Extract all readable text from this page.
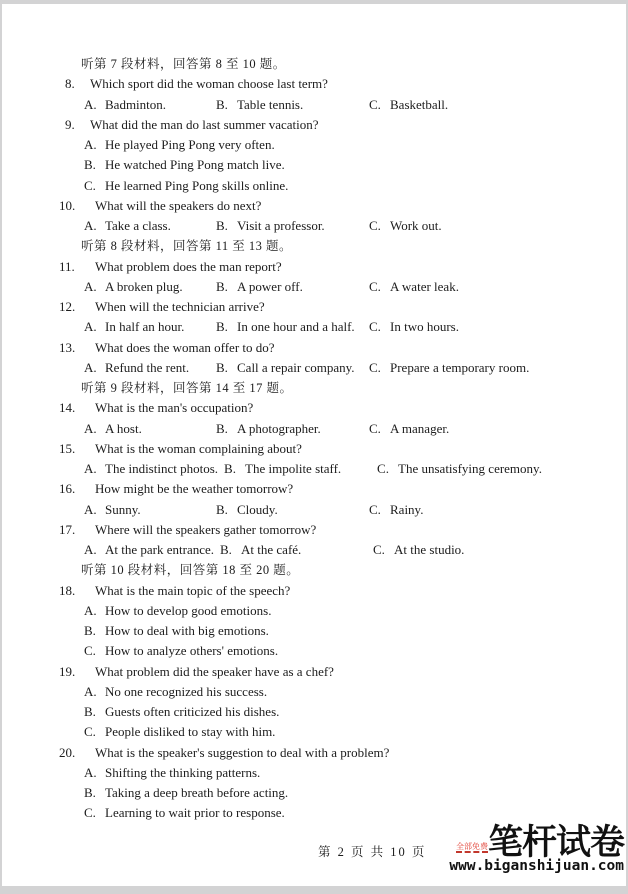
听第 7 段材料，回答第 8 至 10 题。
8. Which sport did the woman choose last term?
A. Badminton.	B. Table tennis.	C. Basketball.
9. What did the man do last summer vacation?
A. He played Ping Pong very often.
B. He watched Ping Pong match live.
C. He learned Ping Pong skills online.
10. What will the speakers do next?
A. Take a class.	B. Visit a professor.	C. Work out.
听第 8 段材料，回答第 11 至 13 题。
11. What problem does the man report?
A. A broken plug.	B. A power off.	C. A water leak.
12. When will the technician arrive?
A. In half an hour.	B. In one hour and a half.	C. In two hours.
13. What does the woman offer to do?
A. Refund the rent.	B. Call a repair company.	C. Prepare a temporary room.
听第 9 段材料，回答第 14 至 17 题。
14. What is the man's occupation?
A. A host.	B. A photographer.	C. A manager.
15. What is the woman complaining about?
A. The indistinct photos. B. The impolite staff.	C. The unsatisfying ceremony.
16. How might be the weather tomorrow?
A. Sunny.	B. Cloudy.	C. Rainy.
17. Where will the speakers gather tomorrow?
A. At the park entrance. B. At the café.	C. At the studio.
听第 10 段材料，回答第 18 至 20 题。
18. What is the main topic of the speech?
A. How to develop good emotions.
B. How to deal with big emotions.
C. How to analyze others' emotions.
19. What problem did the speaker have as a chef?
A. No one recognized his success.
B. Guests often criticized his dishes.
C. People disliked to stay with him.
20. What is the speaker's suggestion to deal with a problem?
A. Shifting the thinking patterns.
B. Taking a deep breath before acting.
C. Learning to wait prior to response.
第 2 页 共 10 页	全部免费 笔杆试卷
www.biganshijuan.com
